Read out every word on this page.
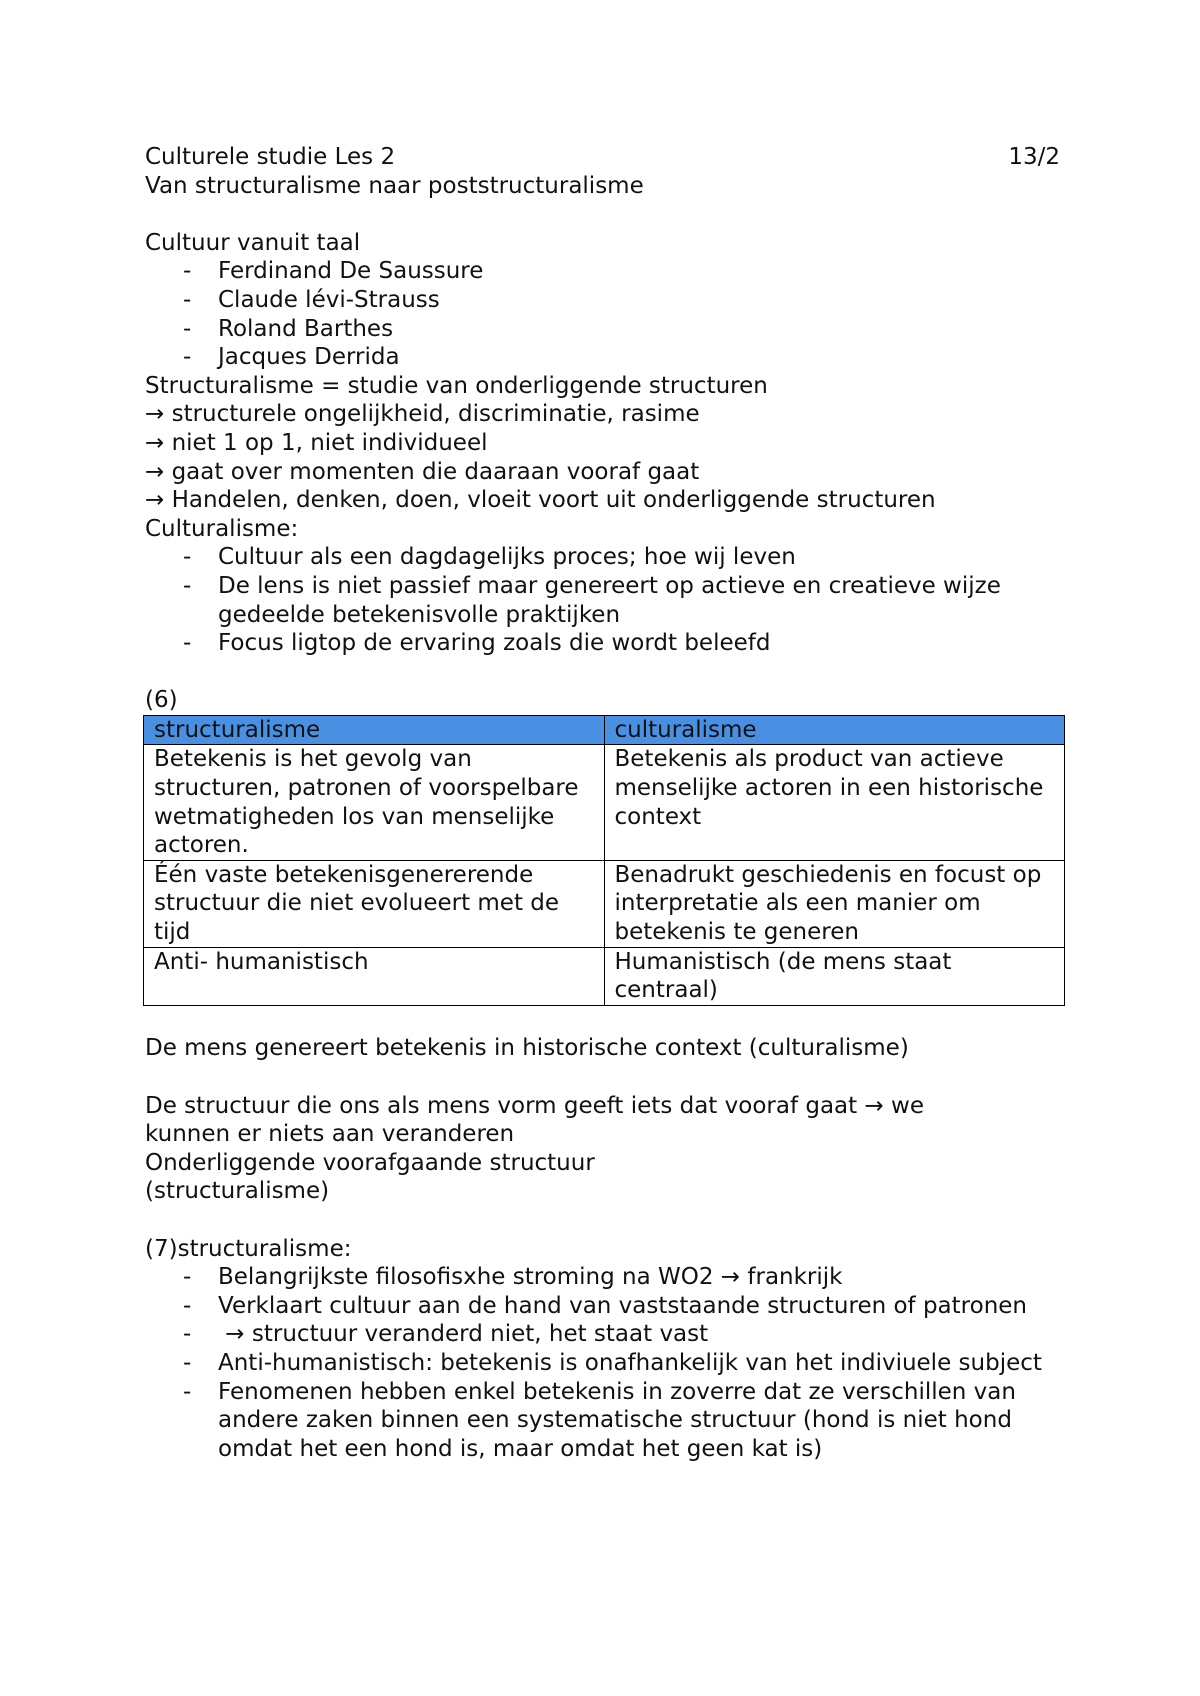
Culturele studie Les 2	13/2
Van structuralisme naar poststructuralisme
Cultuur vanuit taal
- Ferdinand De Saussure
- Claude lévi-Strauss
- Roland Barthes
- Jacques Derrida
Structuralisme = studie van onderliggende structuren
→ structurele ongelijkheid, discriminatie, rasime
→ niet 1 op 1, niet individueel
→ gaat over momenten die daaraan vooraf gaat
→ Handelen, denken, doen, vloeit voort uit onderliggende structuren
Culturalisme:
- Cultuur als een dagdagelijks proces; hoe wij leven
- De lens is niet passief maar genereert op actieve en creatieve wijze gedeelde betekenisvolle praktijken
- Focus ligtop de ervaring zoals die wordt beleefd
(6)
structuralisme	culturalisme
Betekenis is het gevolg van structuren, patronen of voorspelbare wetmatigheden los van menselijke actoren.	Betekenis als product van actieve menselijke actoren in een historische context
Één vaste betekenisgenererende structuur die niet evolueert met de tijd	Benadrukt geschiedenis en focust op interpretatie als een manier om betekenis te generen
Anti- humanistisch	Humanistisch (de mens staat centraal)
De mens genereert betekenis in historische context (culturalisme)
De structuur die ons als mens vorm geeft iets dat vooraf gaat → we
kunnen er niets aan veranderen
Onderliggende voorafgaande structuur
(structuralisme)
(7)structuralisme:
- Belangrijkste filosofisxhe stroming na WO2 → frankrijk
- Verklaart cultuur aan de hand van vaststaande structuren of patronen
- → structuur veranderd niet, het staat vast
- Anti-humanistisch: betekenis is onafhankelijk van het indiviuele subject
- Fenomenen hebben enkel betekenis in zoverre dat ze verschillen van andere zaken binnen een systematische structuur (hond is niet hond omdat het een hond is, maar omdat het geen kat is)
